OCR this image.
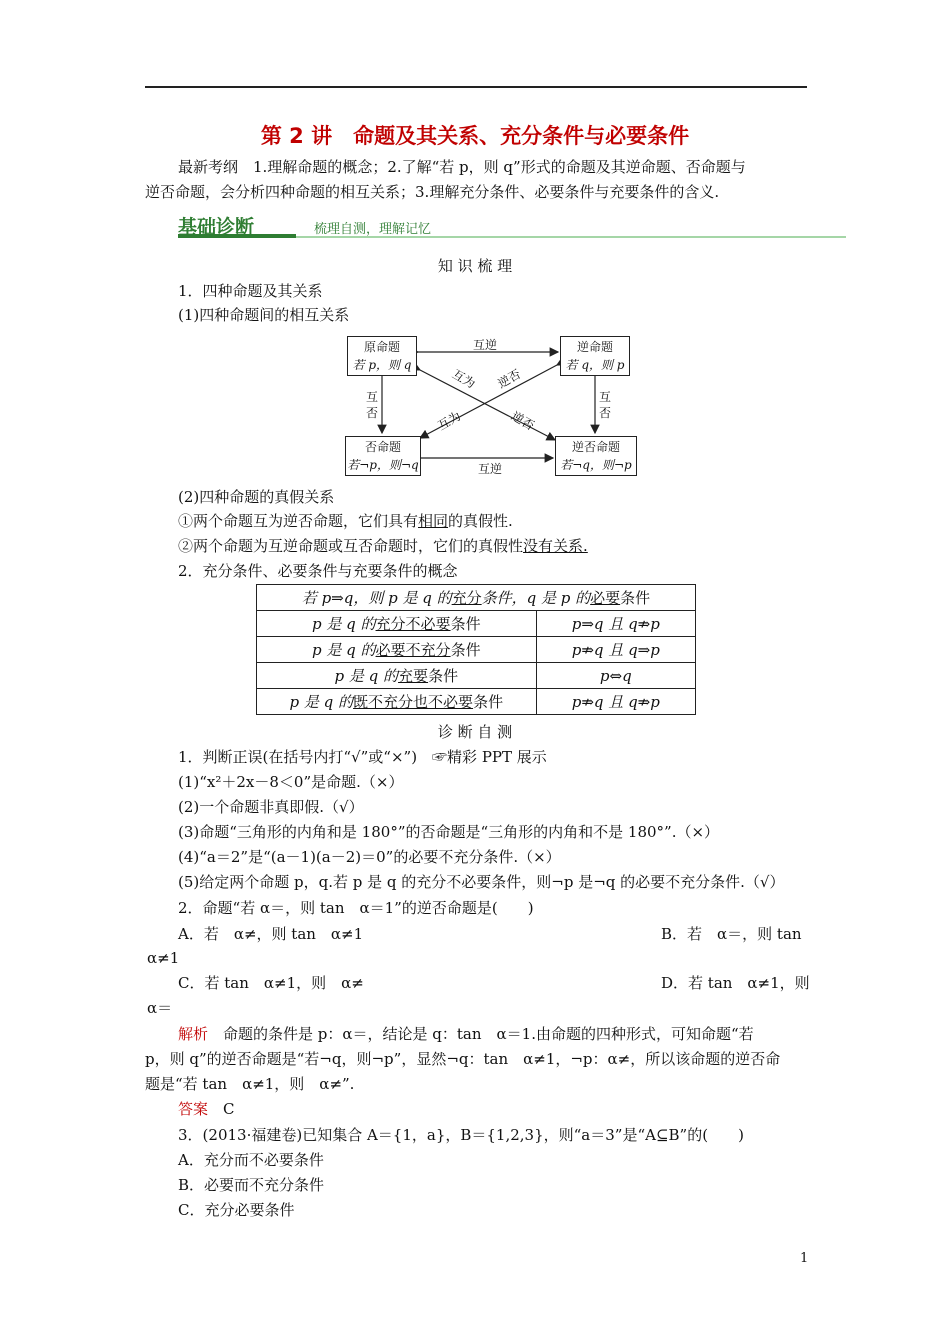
第 2 讲　命题及其关系、充分条件与必要条件
最新考纲　1.理解命题的概念；2.了解“若 p，则 q”形式的命题及其逆命题、否命题与
逆否命题，会分析四种命题的相互关系；3.理解充分条件、必要条件与充要条件的含义.
基础诊断	梳理自测，理解记忆
知 识 梳 理
1．四种命题及其关系
(1)四种命题间的相互关系
原命题
若 p，则 q
逆命题
若 q，则 p
否命题
若¬p，则¬q
逆否命题
若¬q，则¬p
互逆
互逆
互
否
互
否
互为 逆否
互为	逆否
(2)四种命题的真假关系
①两个命题互为逆否命题，它们具有相同的真假性.
②两个命题为互逆命题或互否命题时，它们的真假性没有关系.
2．充分条件、必要条件与充要条件的概念
若 p⇒q，则 p 是 q 的充分条件，q 是 p 的必要条件	
p 是 q 的充分不必要条件	p⇒q 且 q⇏p
p 是 q 的必要不充分条件	p⇏q 且 q⇒p
p 是 q 的充要条件	p⇔q
p 是 q 的既不充分也不必要条件	p⇏q 且 q⇏p
诊 断 自 测
1．判断正误(在括号内打“√”或“×”)　☞精彩 PPT 展示
(1)“x²＋2x－8＜0”是命题.（×）
(2)一个命题非真即假.（√）
(3)命题“三角形的内角和是 180°”的否命题是“三角形的内角和不是 180°”.（×）
(4)“a＝2”是“(a－1)(a－2)＝0”的必要不充分条件.（×）
(5)给定两个命题 p，q.若 p 是 q 的充分不必要条件，则¬p 是¬q 的必要不充分条件.（√）
2．命题“若 α＝，则 tan　α＝1”的逆否命题是(　　)
A．若　α≠，则 tan　α≠1	B．若　α＝，则 tan
α≠1
C．若 tan　α≠1，则　α≠	D．若 tan　α≠1，则
α＝
解析　命题的条件是 p：α＝，结论是 q：tan　α＝1.由命题的四种形式，可知命题“若
p，则 q”的逆否命题是“若¬q，则¬p”，显然¬q：tan　α≠1，¬p：α≠，所以该命题的逆否命
题是“若 tan　α≠1，则　α≠”.
答案　C
3．(2013·福建卷)已知集合 A＝{1，a}，B＝{1,2,3}，则“a＝3”是“A⊆B”的(　　)
A．充分而不必要条件
B．必要而不充分条件
C．充分必要条件
1
